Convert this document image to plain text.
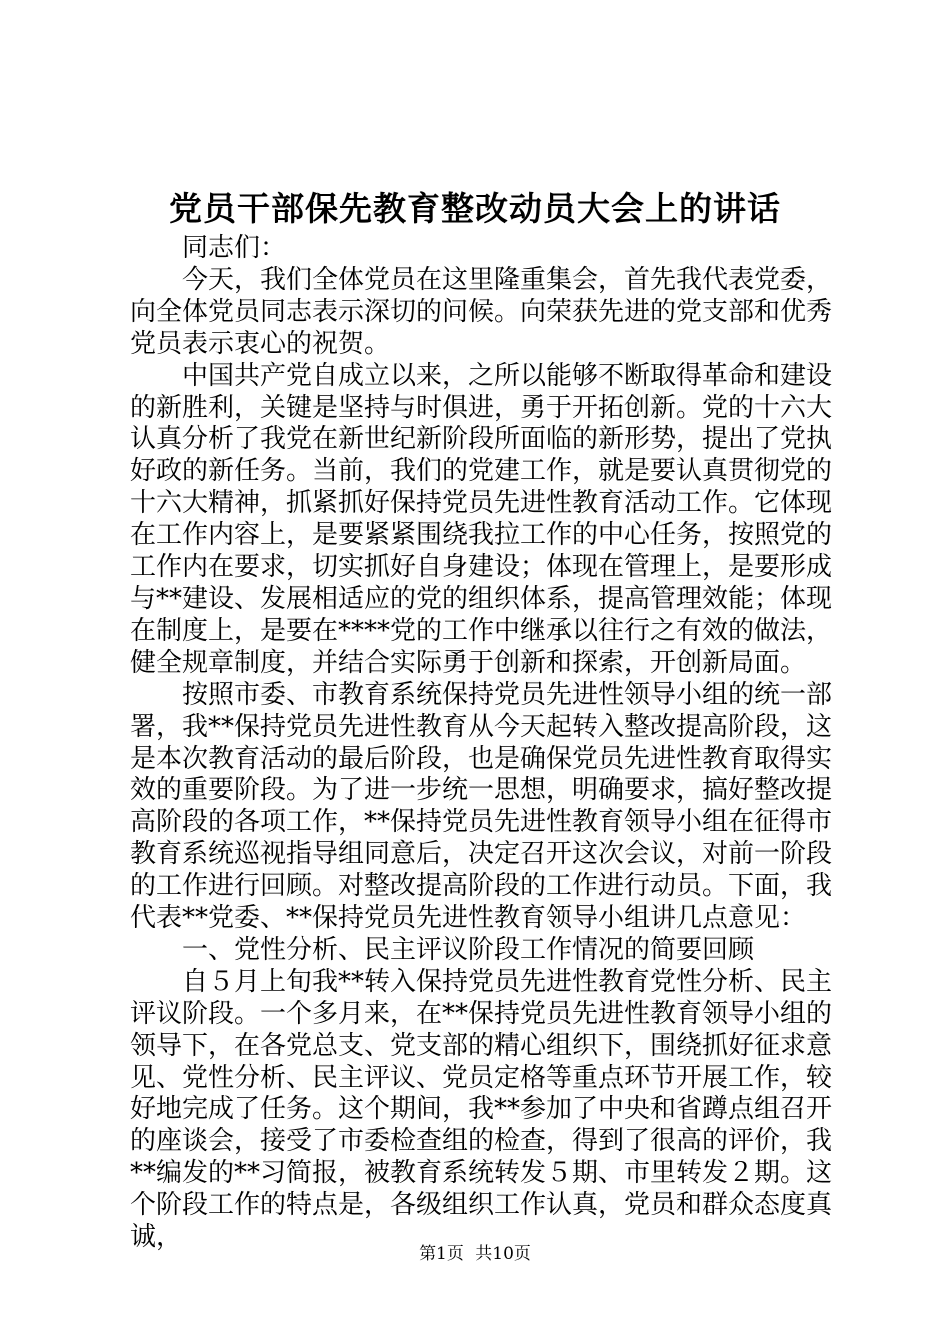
党员干部保先教育整改动员大会上的讲话

同志们：

今天，我们全体党员在这里隆重集会，首先我代表党委，向全体党员同志表示深切的问候。向荣获先进的党支部和优秀党员表示衷心的祝贺。

中国共产党自成立以来，之所以能够不断取得革命和建设的新胜利，关键是坚持与时俱进，勇于开拓创新。党的十六大认真分析了我党在新世纪新阶段所面临的新形势，提出了党执好政的新任务。当前，我们的党建工作，就是要认真贯彻党的十六大精神，抓紧抓好保持党员先进性教育活动工作。它体现在工作内容上，是要紧紧围绕我拉工作的中心任务，按照党的工作内在要求，切实抓好自身建设；体现在管理上，是要形成与**建设、发展相适应的党的组织体系，提高管理效能；体现在制度上，是要在****党的工作中继承以往行之有效的做法，健全规章制度，并结合实际勇于创新和探索，开创新局面。

按照市委、市教育系统保持党员先进性领导小组的统一部署，我**保持党员先进性教育从今天起转入整改提高阶段，这是本次教育活动的最后阶段，也是确保党员先进性教育取得实效的重要阶段。为了进一步统一思想，明确要求，搞好整改提高阶段的各项工作，**保持党员先进性教育领导小组在征得市教育系统巡视指导组同意后，决定召开这次会议，对前一阶段的工作进行回顾。对整改提高阶段的工作进行动员。下面，我代表**党委、**保持党员先进性教育领导小组讲几点意见：

一、党性分析、民主评议阶段工作情况的简要回顾

自５月上旬我**转入保持党员先进性教育党性分析、民主评议阶段。一个多月来，在**保持党员先进性教育领导小组的领导下，在各党总支、党支部的精心组织下，围绕抓好征求意见、党性分析、民主评议、党员定格等重点环节开展工作，较好地完成了任务。这个期间，我**参加了中央和省蹲点组召开的座谈会，接受了市委检查组的检查，得到了很高的评价，我**编发的**习简报，被教育系统转发５期、市里转发２期。这个阶段工作的特点是，各级组织工作认真，党员和群众态度真诚，

第1页 共10页
